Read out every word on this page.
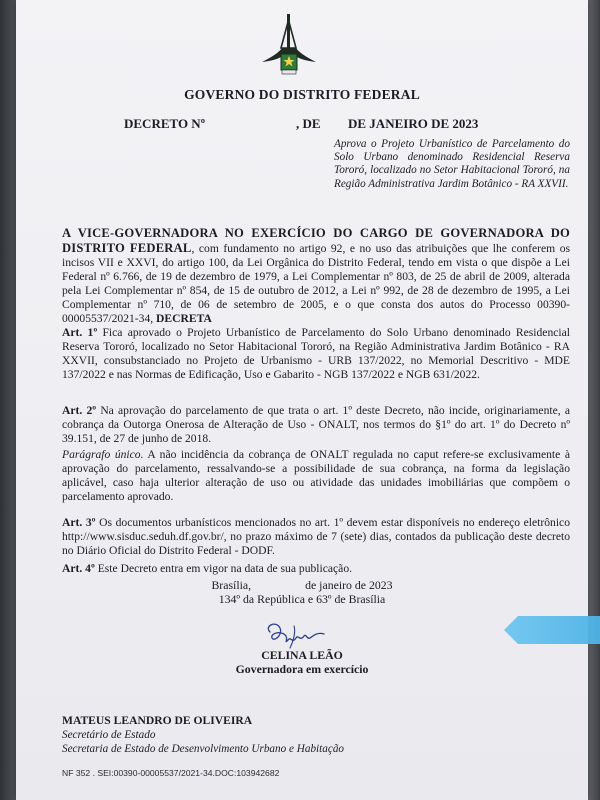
GOVERNO DO DISTRITO FEDERAL
DECRETO Nº	, DE DE JANEIRO DE 2023
Aprova o Projeto Urbanístico de Parcelamento do Solo Urbano denominado Residencial Reserva Tororó, localizado no Setor Habitacional Tororó, na Região Administrativa Jardim Botânico - RA XXVII.
A VICE-GOVERNADORA NO EXERCÍCIO DO CARGO DE GOVERNADORA DO DISTRITO FEDERAL, com fundamento no artigo 92, e no uso das atribuições que lhe conferem os incisos VII e XXVI, do artigo 100, da Lei Orgânica do Distrito Federal, tendo em vista o que dispõe a Lei Federal nº 6.766, de 19 de dezembro de 1979, a Lei Complementar nº 803, de 25 de abril de 2009, alterada pela Lei Complementar nº 854, de 15 de outubro de 2012, a Lei nº 992, de 28 de dezembro de 1995, a Lei Complementar nº 710, de 06 de setembro de 2005, e o que consta dos autos do Processo 00390-00005537/2021-34, DECRETA
Art. 1º Fica aprovado o Projeto Urbanístico de Parcelamento do Solo Urbano denominado Residencial Reserva Tororó, localizado no Setor Habitacional Tororó, na Região Administrativa Jardim Botânico - RA XXVII, consubstanciado no Projeto de Urbanismo - URB 137/2022, no Memorial Descritivo - MDE 137/2022 e nas Normas de Edificação, Uso e Gabarito - NGB 137/2022 e NGB 631/2022.
Art. 2º Na aprovação do parcelamento de que trata o art. 1º deste Decreto, não incide, originariamente, a cobrança da Outorga Onerosa de Alteração de Uso - ONALT, nos termos do §1º do art. 1º do Decreto nº 39.151, de 27 de junho de 2018.
Parágrafo único. A não incidência da cobrança de ONALT regulada no caput refere-se exclusivamente à aprovação do parcelamento, ressalvando-se a possibilidade de sua cobrança, na forma da legislação aplicável, caso haja ulterior alteração de uso ou atividade das unidades imobiliárias que compõem o parcelamento aprovado.
Art. 3º Os documentos urbanísticos mencionados no art. 1º devem estar disponíveis no endereço eletrônico http://www.sisduc.seduh.df.gov.br/, no prazo máximo de 7 (sete) dias, contados da publicação deste decreto no Diário Oficial do Distrito Federal - DODF.
Art. 4º Este Decreto entra em vigor na data de sua publicação.
Brasília,	de janeiro de 2023
134º da República e 63º de Brasília
CELINA LEÃO
Governadora em exercício
MATEUS LEANDRO DE OLIVEIRA
Secretário de Estado
Secretaria de Estado de Desenvolvimento Urbano e Habitação
NF 352 . SEI:00390-00005537/2021-34.DOC:103942682
